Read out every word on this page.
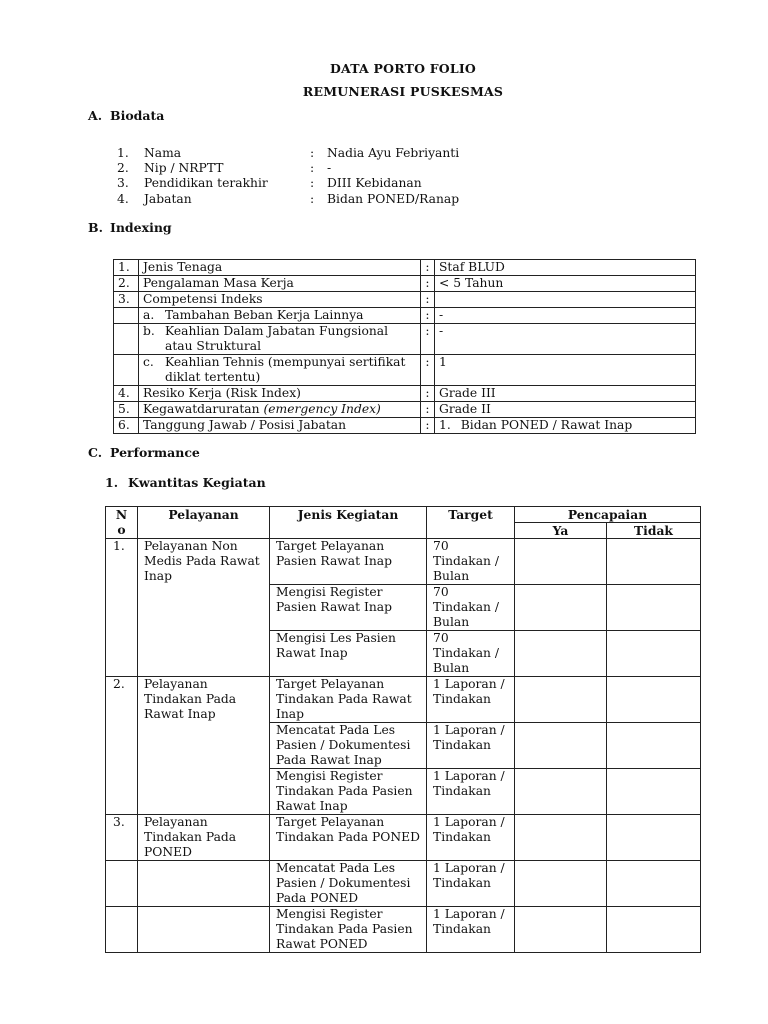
DATA PORTO FOLIO
REMUNERASI PUSKESMAS
A. Biodata
1.	Nama	:	Nadia Ayu Febriyanti
2.	Nip / NRPTT	:	-
3.	Pendidikan terakhir	:	DIII Kebidanan
4.	Jabatan	:	Bidan PONED/Ranap
B. Indexing
1.	Jenis Tenaga	:	Staf BLUD
2.	Pengalaman Masa Kerja	:	< 5 Tahun
3.	Competensi Indeks	:	

	a. Tambahan Beban Kerja Lainnya	:	-

	b. Keahlian Dalam Jabatan Fungsional atau Struktural	:	-

	c. Keahlian Tehnis (mempunyai sertifikat diklat tertentu)	:	1
4.	Resiko Kerja (Risk Index)	:	Grade III
5.	Kegawatdaruratan (emergency Index)	:	Grade II
6.	Tanggung Jawab / Posisi Jabatan	:	1. Bidan PONED / Rawat Inap
C. Performance
1. Kwantitas Kegiatan
N o	Pelayanan	Jenis Kegiatan	Target	Pencapaian	
				Ya	Tidak
1.	Pelayanan Non Medis Pada Rawat Inap	Target Pelayanan Pasien Rawat Inap	70 Tindakan / Bulan		
		Mengisi Register Pasien Rawat Inap	70 Tindakan / Bulan		
		Mengisi Les Pasien Rawat Inap	70 Tindakan / Bulan		
2.	Pelayanan Tindakan Pada Rawat Inap	Target Pelayanan Tindakan Pada Rawat Inap	1 Laporan / Tindakan		
		Mencatat Pada Les Pasien / Dokumentesi Pada Rawat Inap	1 Laporan / Tindakan		
		Mengisi Register Tindakan Pada Pasien Rawat Inap	1 Laporan / Tindakan		
3.	Pelayanan Tindakan Pada PONED	Target Pelayanan Tindakan Pada PONED	1 Laporan / Tindakan		
		Mencatat Pada Les Pasien / Dokumentesi Pada PONED	1 Laporan / Tindakan		
		Mengisi Register Tindakan Pada Pasien Rawat PONED	1 Laporan / Tindakan		
